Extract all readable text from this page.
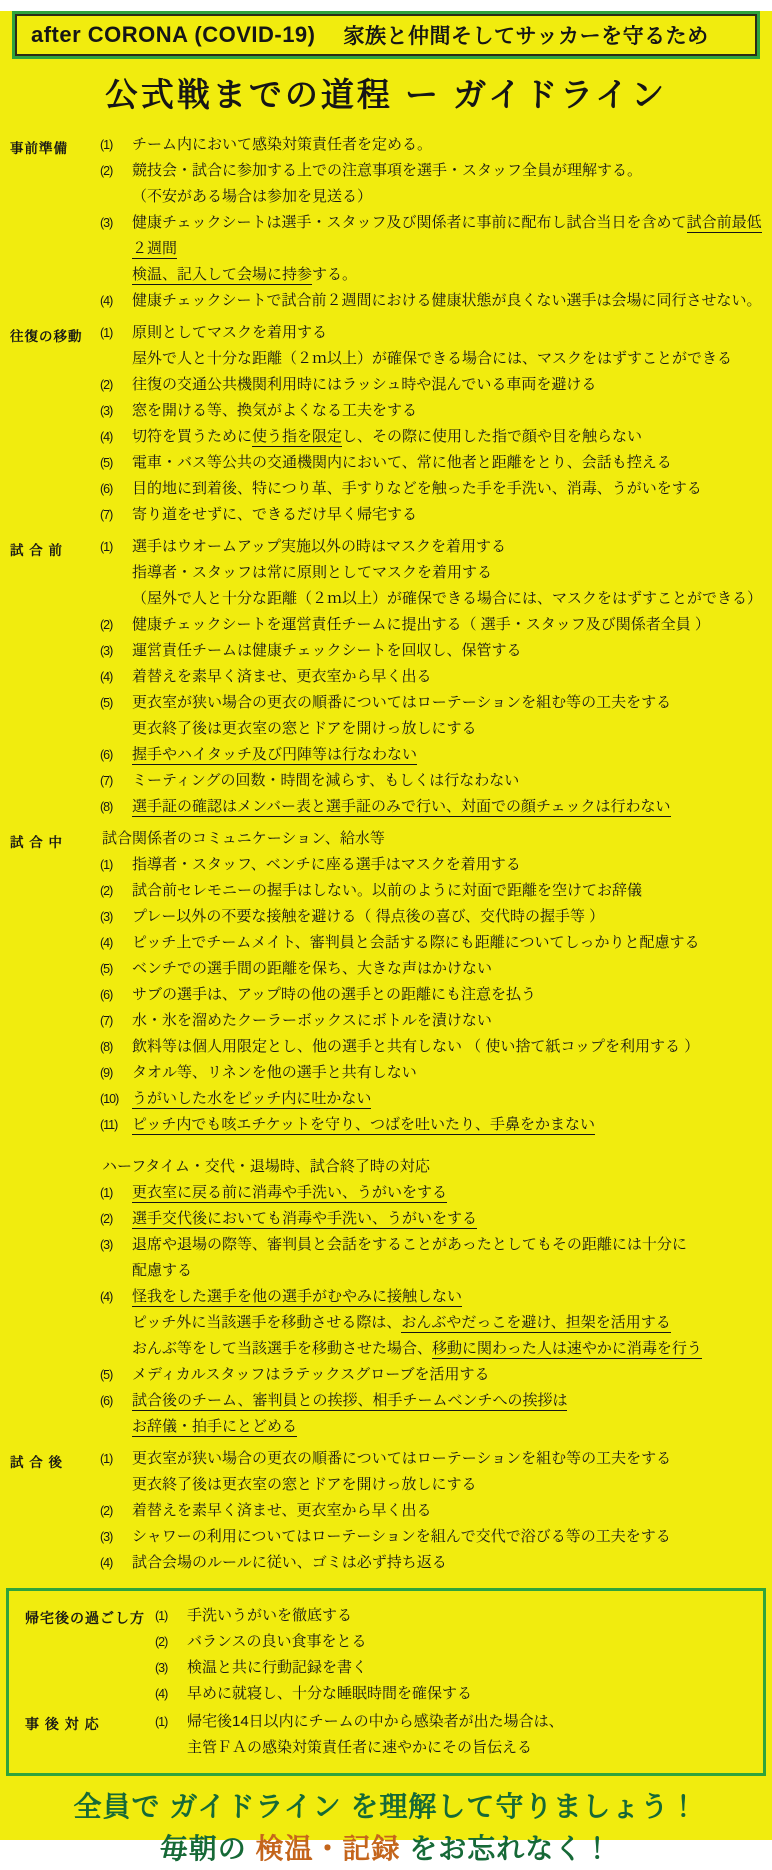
after CORONA (COVID-19) 家族と仲間そしてサッカーを守るため
公式戦までの道程 ー ガイドライン
事前準備	(1) チーム内において感染対策責任者を定める。
(2) 競技会・試合に参加する上での注意事項を選手・スタッフ全員が理解する。
（不安がある場合は参加を見送る）
(3) 健康チェックシートは選手・スタッフ及び関係者に事前に配布し試合当日を含めて試合前最低２週間
検温、記入して会場に持参する。
(4) 健康チェックシートで試合前２週間における健康状態が良くない選手は会場に同行させない。
往復の移動	(1) 原則としてマスクを着用する
屋外で人と十分な距離（２ｍ以上）が確保できる場合には、マスクをはずすことができる
(2) 往復の交通公共機関利用時にはラッシュ時や混んでいる車両を避ける
(3) 窓を開ける等、換気がよくなる工夫をする
(4) 切符を買うために使う指を限定し、その際に使用した指で顔や目を触らない
(5) 電車・バス等公共の交通機関内において、常に他者と距離をとり、会話も控える
(6) 目的地に到着後、特につり革、手すりなどを触った手を手洗い、消毒、うがいをする
(7) 寄り道をせずに、できるだけ早く帰宅する
試 合 前	(1) 選手はウオームアップ実施以外の時はマスクを着用する
指導者・スタッフは常に原則としてマスクを着用する
（屋外で人と十分な距離（２ｍ以上）が確保できる場合には、マスクをはずすことができる）
(2) 健康チェックシートを運営責任チームに提出する（ 選手・スタッフ及び関係者全員 ）
(3) 運営責任チームは健康チェックシートを回収し、保管する
(4) 着替えを素早く済ませ、更衣室から早く出る
(5) 更衣室が狭い場合の更衣の順番についてはローテーションを組む等の工夫をする
更衣終了後は更衣室の窓とドアを開けっ放しにする
(6) 握手やハイタッチ及び円陣等は行なわない
(7) ミーティングの回数・時間を減らす、もしくは行なわない
(8) 選手証の確認はメンバー表と選手証のみで行い、対面での顔チェックは行わない
試 合 中	試合関係者のコミュニケーション、給水等
(1) 指導者・スタッフ、ベンチに座る選手はマスクを着用する
(2) 試合前セレモニーの握手はしない。以前のように対面で距離を空けてお辞儀
(3) プレー以外の不要な接触を避ける（ 得点後の喜び、交代時の握手等 ）
(4) ピッチ上でチームメイト、審判員と会話する際にも距離についてしっかりと配慮する
(5) ベンチでの選手間の距離を保ち、大きな声はかけない
(6) サブの選手は、アップ時の他の選手との距離にも注意を払う
(7) 水・氷を溜めたクーラーボックスにボトルを漬けない
(8) 飲料等は個人用限定とし、他の選手と共有しない （ 使い捨て紙コップを利用する ）
(9) タオル等、リネンを他の選手と共有しない
(10) うがいした水をピッチ内に吐かない
(11) ピッチ内でも咳エチケットを守り、つばを吐いたり、手鼻をかまない
ハーフタイム・交代・退場時、試合終了時の対応
(1) 更衣室に戻る前に消毒や手洗い、うがいをする
(2) 選手交代後においても消毒や手洗い、うがいをする
(3) 退席や退場の際等、審判員と会話をすることがあったとしてもその距離には十分に
配慮する
(4) 怪我をした選手を他の選手がむやみに接触しない
ピッチ外に当該選手を移動させる際は、おんぶやだっこを避け、担架を活用する
おんぶ等をして当該選手を移動させた場合、移動に関わった人は速やかに消毒を行う
(5) メディカルスタッフはラテックスグローブを活用する
(6) 試合後のチーム、審判員との挨拶、相手チームベンチへの挨拶は
お辞儀・拍手にとどめる
試 合 後	(1) 更衣室が狭い場合の更衣の順番についてはローテーションを組む等の工夫をする
更衣終了後は更衣室の窓とドアを開けっ放しにする
(2) 着替えを素早く済ませ、更衣室から早く出る
(3) シャワーの利用についてはローテーションを組んで交代で浴びる等の工夫をする
(4) 試合会場のルールに従い、ゴミは必ず持ち返る
帰宅後の過ごし方 (1) 手洗いうがいを徹底する
(2) バランスの良い食事をとる
(3) 検温と共に行動記録を書く
(4) 早めに就寝し、十分な睡眠時間を確保する
事 後 対 応	(1) 帰宅後14日以内にチームの中から感染者が出た場合は、
主管ＦＡの感染対策責任者に速やかにその旨伝える
全員で ガイドライン を理解して守りましょう！
毎朝の 検温・記録 をお忘れなく！
